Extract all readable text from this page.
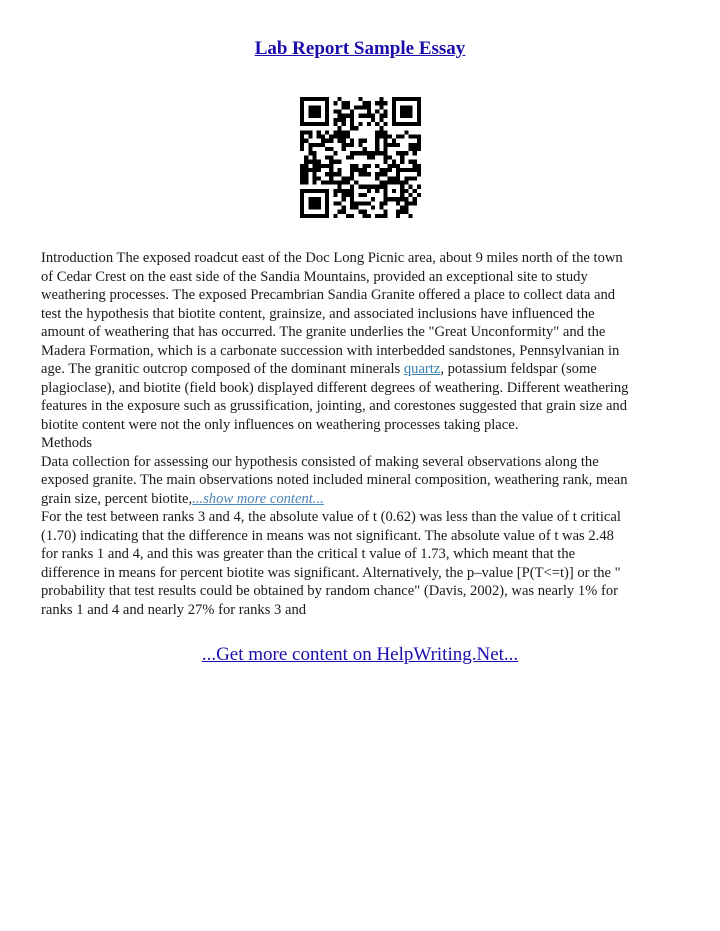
Lab Report Sample Essay
Introduction The exposed roadcut east of the Doc Long Picnic area, about 9 miles north of the town
of Cedar Crest on the east side of the Sandia Mountains, provided an exceptional site to study
weathering processes. The exposed Precambrian Sandia Granite offered a place to collect data and
test the hypothesis that biotite content, grainsize, and associated inclusions have influenced the
amount of weathering that has occurred. The granite underlies the "Great Unconformity" and the
Madera Formation, which is a carbonate succession with interbedded sandstones, Pennsylvanian in
age. The granitic outcrop composed of the dominant minerals quartz, potassium feldspar (some
plagioclase), and biotite (field book) displayed different degrees of weathering. Different weathering
features in the exposure such as grussification, jointing, and corestones suggested that grain size and
biotite content were not the only influences on weathering processes taking place.
Methods
Data collection for assessing our hypothesis consisted of making several observations along the
exposed granite. The main observations noted included mineral composition, weathering rank, mean
grain size, percent biotite,...show more content...
For the test between ranks 3 and 4, the absolute value of t (0.62) was less than the value of t critical
(1.70) indicating that the difference in means was not significant. The absolute value of t was 2.48
for ranks 1 and 4, and this was greater than the critical t value of 1.73, which meant that the
difference in means for percent biotite was significant. Alternatively, the p–value [P(T<=t)] or the "
probability that test results could be obtained by random chance" (Davis, 2002), was nearly 1% for
ranks 1 and 4 and nearly 27% for ranks 3 and
...Get more content on HelpWriting.Net...
